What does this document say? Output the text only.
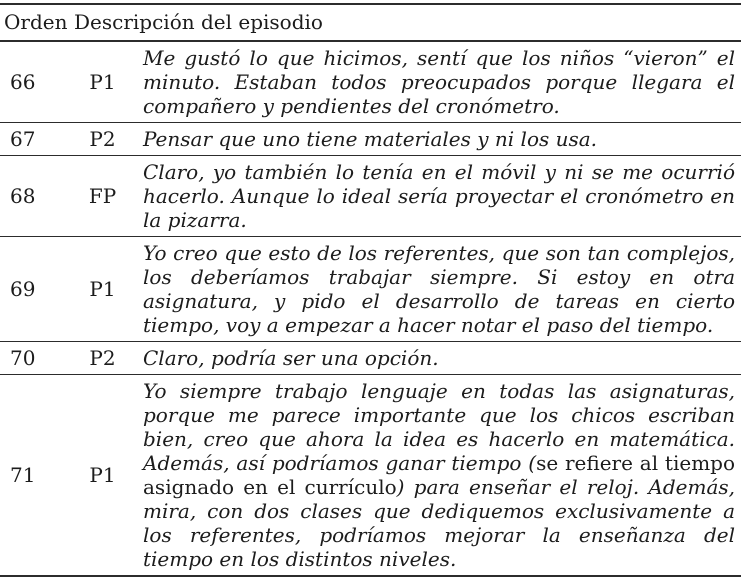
Orden	Descripción del episodio	
66	P1	Me gustó lo que hicimos, sentí que los niños “vieron” el minuto. Estaban todos preocupados porque llegara el compañero y pendientes del cronómetro.
67	P2	Pensar que uno tiene materiales y ni los usa.
68	FP	Claro, yo también lo tenía en el móvil y ni se me ocurrió hacerlo. Aunque lo ideal sería proyectar el cronómetro en la pizarra.
69	P1	Yo creo que esto de los referentes, que son tan complejos, los deberíamos trabajar siempre. Si estoy en otra asignatura, y pido el desarrollo de tareas en cierto tiempo, voy a empezar a hacer notar el paso del tiempo.
70	P2	Claro, podría ser una opción.
71	P1	Yo siempre trabajo lenguaje en todas las asignaturas, porque me parece importante que los chicos escriban bien, creo que ahora la idea es hacerlo en matemática. Además, así podríamos ganar tiempo (se refiere al tiempo asignado en el currículo) para enseñar el reloj. Además, mira, con dos clases que dediquemos exclusivamente a los referentes, podríamos mejorar la enseñanza del tiempo en los distintos niveles.
